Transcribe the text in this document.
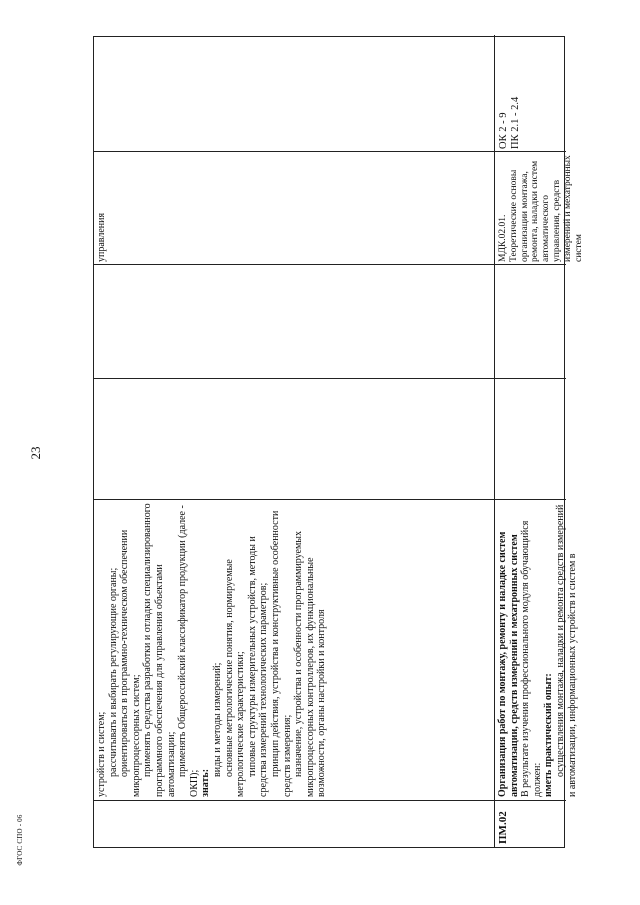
23
ФГОС СПО - 06

устройств и систем; рассчитывать и выбирать регулирующие органы; ориентироваться в программно-техническом обеспечении микропроцессорных систем; применять средства разработки и отладки специализированного программного обеспечения для управления объектами автоматизации; применять Общероссийский классификатор продукции (далее - ОКП); знать:

виды и методы измерений; основные метрологические понятия, нормируемые метрологические характеристики; типовые структуры измерительных устройств, методы и средства измерений технологических параметров; принцип действия, устройства и конструктивные особенности средств измерения; назначение, устройства и особенности программируемых микропроцессорных контроллеров, их функциональные возможности, органы настройки и контроля

управления
ПМ.02

Организация работ по монтажу, ремонту и наладке систем автоматизации, средств измерений и мехатронных систем В результате изучения профессионального модуля обучающийся должен: иметь практический опыт: осуществления монтажа, наладки и ремонта средств измерений и автоматизации, информационных устройств и систем в

МДК.02.01. Теоретические основы организации монтажа, ремонта, наладки систем автоматического управления, средств измерений и мехатронных систем
ОК 2 - 9
ПК 2.1 - 2.4
